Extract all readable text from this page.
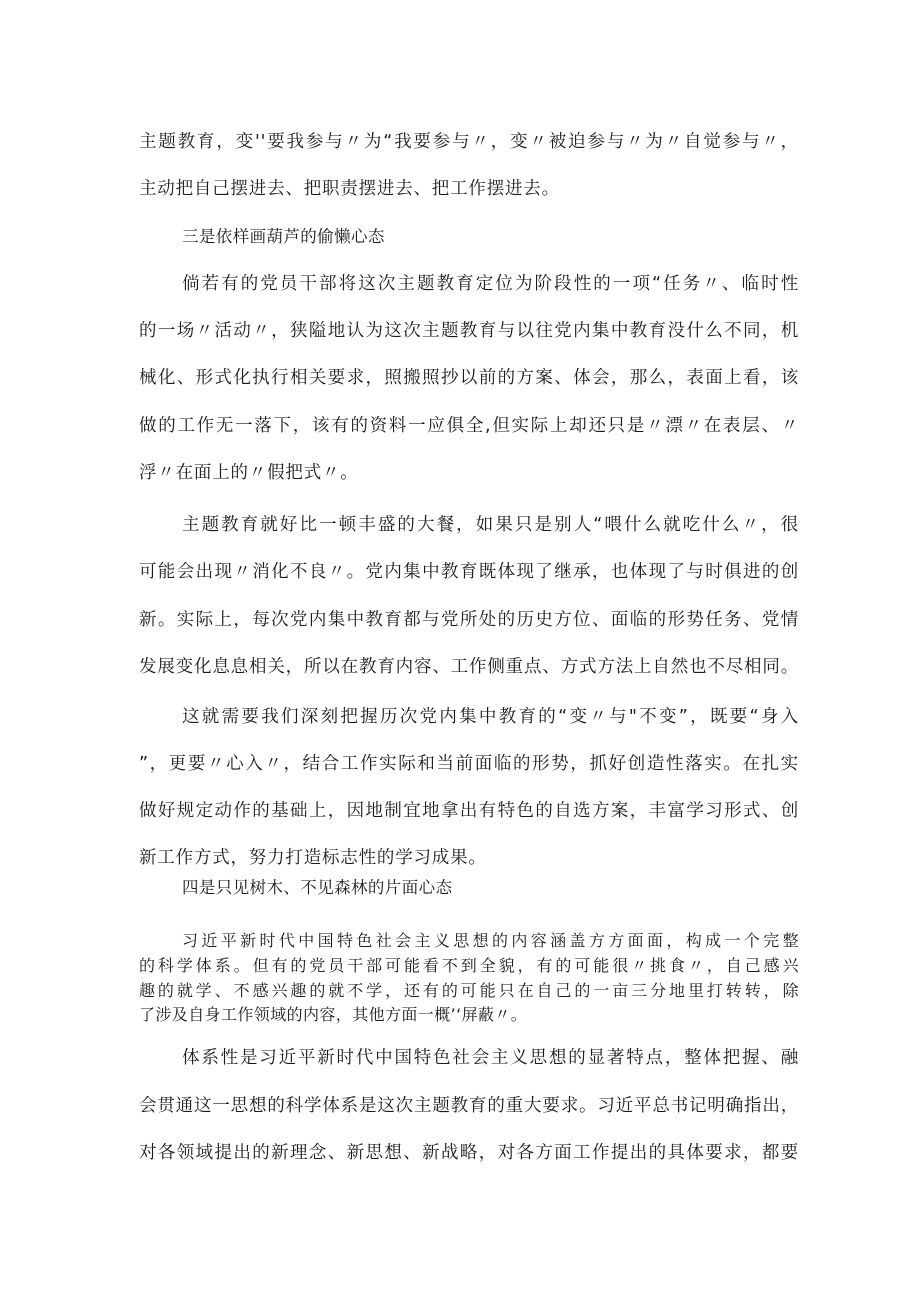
主题教育，变''要我参与〃为“我要参与〃，变〃被迫参与〃为〃自觉参与〃，
主动把自己摆进去、把职责摆进去、把工作摆进去。
三是依样画葫芦的偷懒心态
倘若有的党员干部将这次主题教育定位为阶段性的一项“任务〃、临时性
的一场〃活动〃，狭隘地认为这次主题教育与以往党内集中教育没什么不同，机
械化、形式化执行相关要求，照搬照抄以前的方案、体会，那么，表面上看，该
做的工作无一落下，该有的资料一应俱全,但实际上却还只是〃漂〃在表层、〃
浮〃在面上的〃假把式〃。
主题教育就好比一顿丰盛的大餐，如果只是别人“喂什么就吃什么〃，很
可能会出现〃消化不良〃。党内集中教育既体现了继承，也体现了与时俱进的创
新。实际上，每次党内集中教育都与党所处的历史方位、面临的形势任务、党情
发展变化息息相关，所以在教育内容、工作侧重点、方式方法上自然也不尽相同。
这就需要我们深刻把握历次党内集中教育的“变〃与"不变”，既要“身入
”，更要〃心入〃，结合工作实际和当前面临的形势，抓好创造性落实。在扎实
做好规定动作的基础上，因地制宜地拿出有特色的自选方案，丰富学习形式、创
新工作方式，努力打造标志性的学习成果。
四是只见树木、不见森林的片面心态
习近平新时代中国特色社会主义思想的内容涵盖方方面面，构成一个完整
的科学体系。但有的党员干部可能看不到全貌，有的可能很〃挑食〃，自己感兴
趣的就学、不感兴趣的就不学，还有的可能只在自己的一亩三分地里打转转，除
了涉及自身工作领域的内容，其他方面一概’‘屏蔽〃。
体系性是习近平新时代中国特色社会主义思想的显著特点，整体把握、融
会贯通这一思想的科学体系是这次主题教育的重大要求。习近平总书记明确指出，
对各领域提出的新理念、新思想、新战略，对各方面工作提出的具体要求，都要
